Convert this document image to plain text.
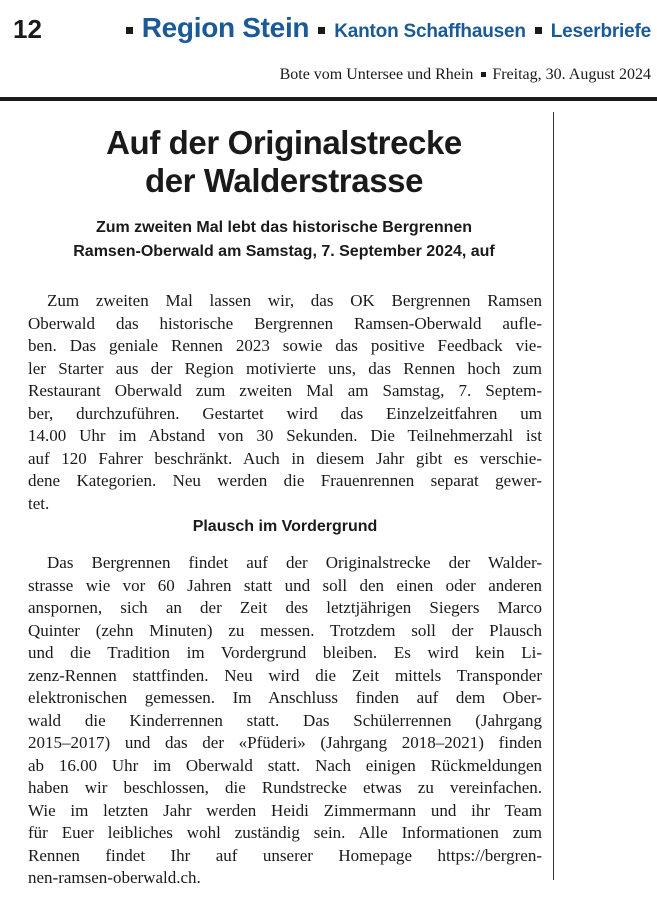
12	Region Stein Kanton Schaffhausen Leserbriefe
Bote vom Untersee und Rhein Freitag, 30. August 2024
Auf der Originalstrecke
der Walderstrasse
Zum zweiten Mal lebt das historische Bergrennen
Ramsen-Oberwald am Samstag, 7. September 2024, auf
Zum zweiten Mal lassen wir, das OK Bergrennen Ramsen
Oberwald das historische Bergrennen Ramsen-Oberwald aufle-
ben. Das geniale Rennen 2023 sowie das positive Feedback vie-
ler Starter aus der Region motivierte uns, das Rennen hoch zum
Restaurant Oberwald zum zweiten Mal am Samstag, 7. Septem-
ber, durchzuführen. Gestartet wird das Einzelzeitfahren um
14.00 Uhr im Abstand von 30 Sekunden. Die Teilnehmerzahl ist
auf 120 Fahrer beschränkt. Auch in diesem Jahr gibt es verschie-
dene Kategorien. Neu werden die Frauenrennen separat gewer-
tet.
Plausch im Vordergrund
Das Bergrennen findet auf der Originalstrecke der Walder-
strasse wie vor 60 Jahren statt und soll den einen oder anderen
anspornen, sich an der Zeit des letztjährigen Siegers Marco
Quinter (zehn Minuten) zu messen. Trotzdem soll der Plausch
und die Tradition im Vordergrund bleiben. Es wird kein Li-
zenz-Rennen stattfinden. Neu wird die Zeit mittels Transponder
elektronischen gemessen. Im Anschluss finden auf dem Ober-
wald die Kinderrennen statt. Das Schülerrennen (Jahrgang
2015–2017) und das der «Pfüderi» (Jahrgang 2018–2021) finden
ab 16.00 Uhr im Oberwald statt. Nach einigen Rückmeldungen
haben wir beschlossen, die Rundstrecke etwas zu vereinfachen.
Wie im letzten Jahr werden Heidi Zimmermann und ihr Team
für Euer leibliches wohl zuständig sein. Alle Informationen zum
Rennen findet Ihr auf unserer Homepage https://bergren-
nen-ramsen-oberwald.ch.
